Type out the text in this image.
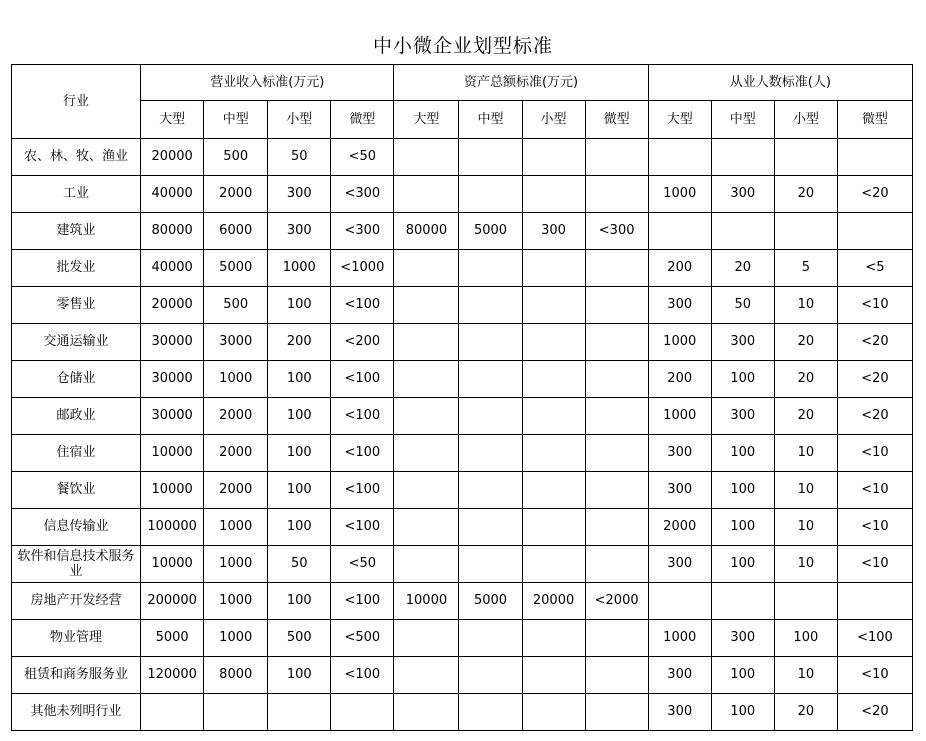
中小微企业划型标准
行业	营业收入标准(万元)				资产总额标准(万元)				从业人数标准(人)			
	大型	中型	小型	微型	大型	中型	小型	微型	大型	中型	小型	微型
农、林、牧、渔业	20000	500	50	<50								
工业	40000	2000	300	<300					1000	300	20	<20
建筑业	80000	6000	300	<300	80000	5000	300	<300				
批发业	40000	5000	1000	<1000					200	20	5	<5
零售业	20000	500	100	<100					300	50	10	<10
交通运输业	30000	3000	200	<200					1000	300	20	<20
仓储业	30000	1000	100	<100					200	100	20	<20
邮政业	30000	2000	100	<100					1000	300	20	<20
住宿业	10000	2000	100	<100					300	100	10	<10
餐饮业	10000	2000	100	<100					300	100	10	<10
信息传输业	100000	1000	100	<100					2000	100	10	<10
软件和信息技术服务业	10000	1000	50	<50					300	100	10	<10
房地产开发经营	200000	1000	100	<100	10000	5000	20000	<2000				
物业管理	5000	1000	500	<500					1000	300	100	<100
租赁和商务服务业	120000	8000	100	<100					300	100	10	<10
其他未列明行业									300	100	20	<20
